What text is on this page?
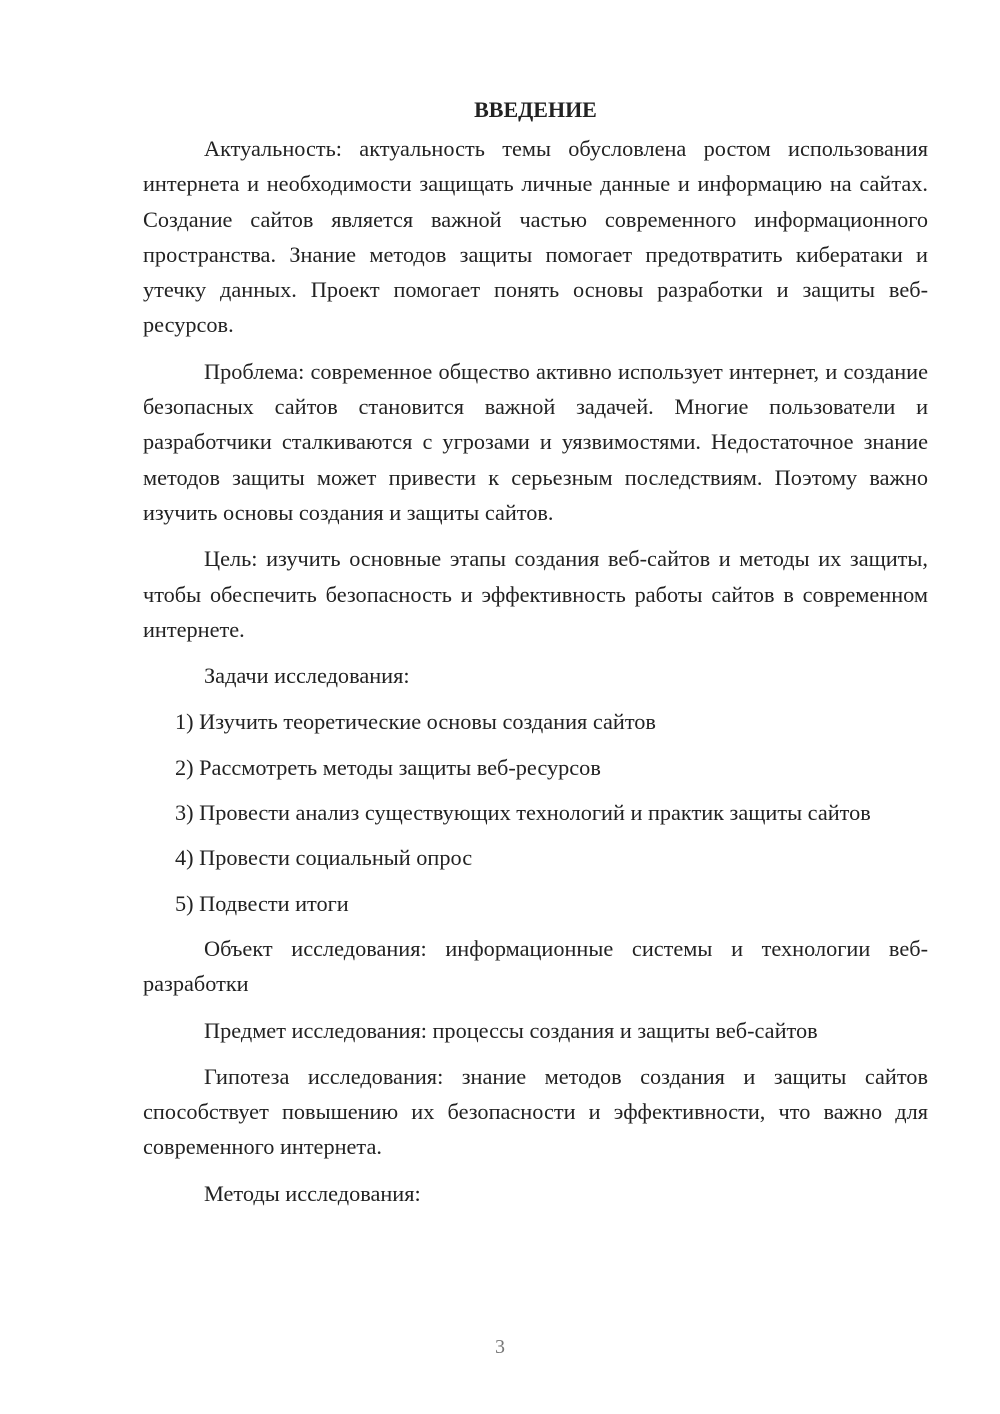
ВВЕДЕНИЕ

Актуальность: актуальность темы обусловлена ростом использования интернета и необходимости защищать личные данные и информацию на сайтах. Создание сайтов является важной частью современного информационного пространства. Знание методов защиты помогает предотвратить кибератаки и утечку данных. Проект помогает понять основы разработки и защиты веб-ресурсов.

Проблема: современное общество активно использует интернет, и создание безопасных сайтов становится важной задачей. Многие пользователи и разработчики сталкиваются с угрозами и уязвимостями. Недостаточное знание методов защиты может привести к серьезным последствиям. Поэтому важно изучить основы создания и защиты сайтов.

Цель: изучить основные этапы создания веб-сайтов и методы их защиты, чтобы обеспечить безопасность и эффективность работы сайтов в современном интернете.

Задачи исследования:

1) Изучить теоретические основы создания сайтов

2) Рассмотреть методы защиты веб-ресурсов

3) Провести анализ существующих технологий и практик защиты сайтов

4) Провести социальный опрос

5) Подвести итоги

Объект исследования: информационные системы и технологии веб-разработки

Предмет исследования: процессы создания и защиты веб-сайтов

Гипотеза исследования: знание методов создания и защиты сайтов способствует повышению их безопасности и эффективности, что важно для современного интернета.

Методы исследования:

3
